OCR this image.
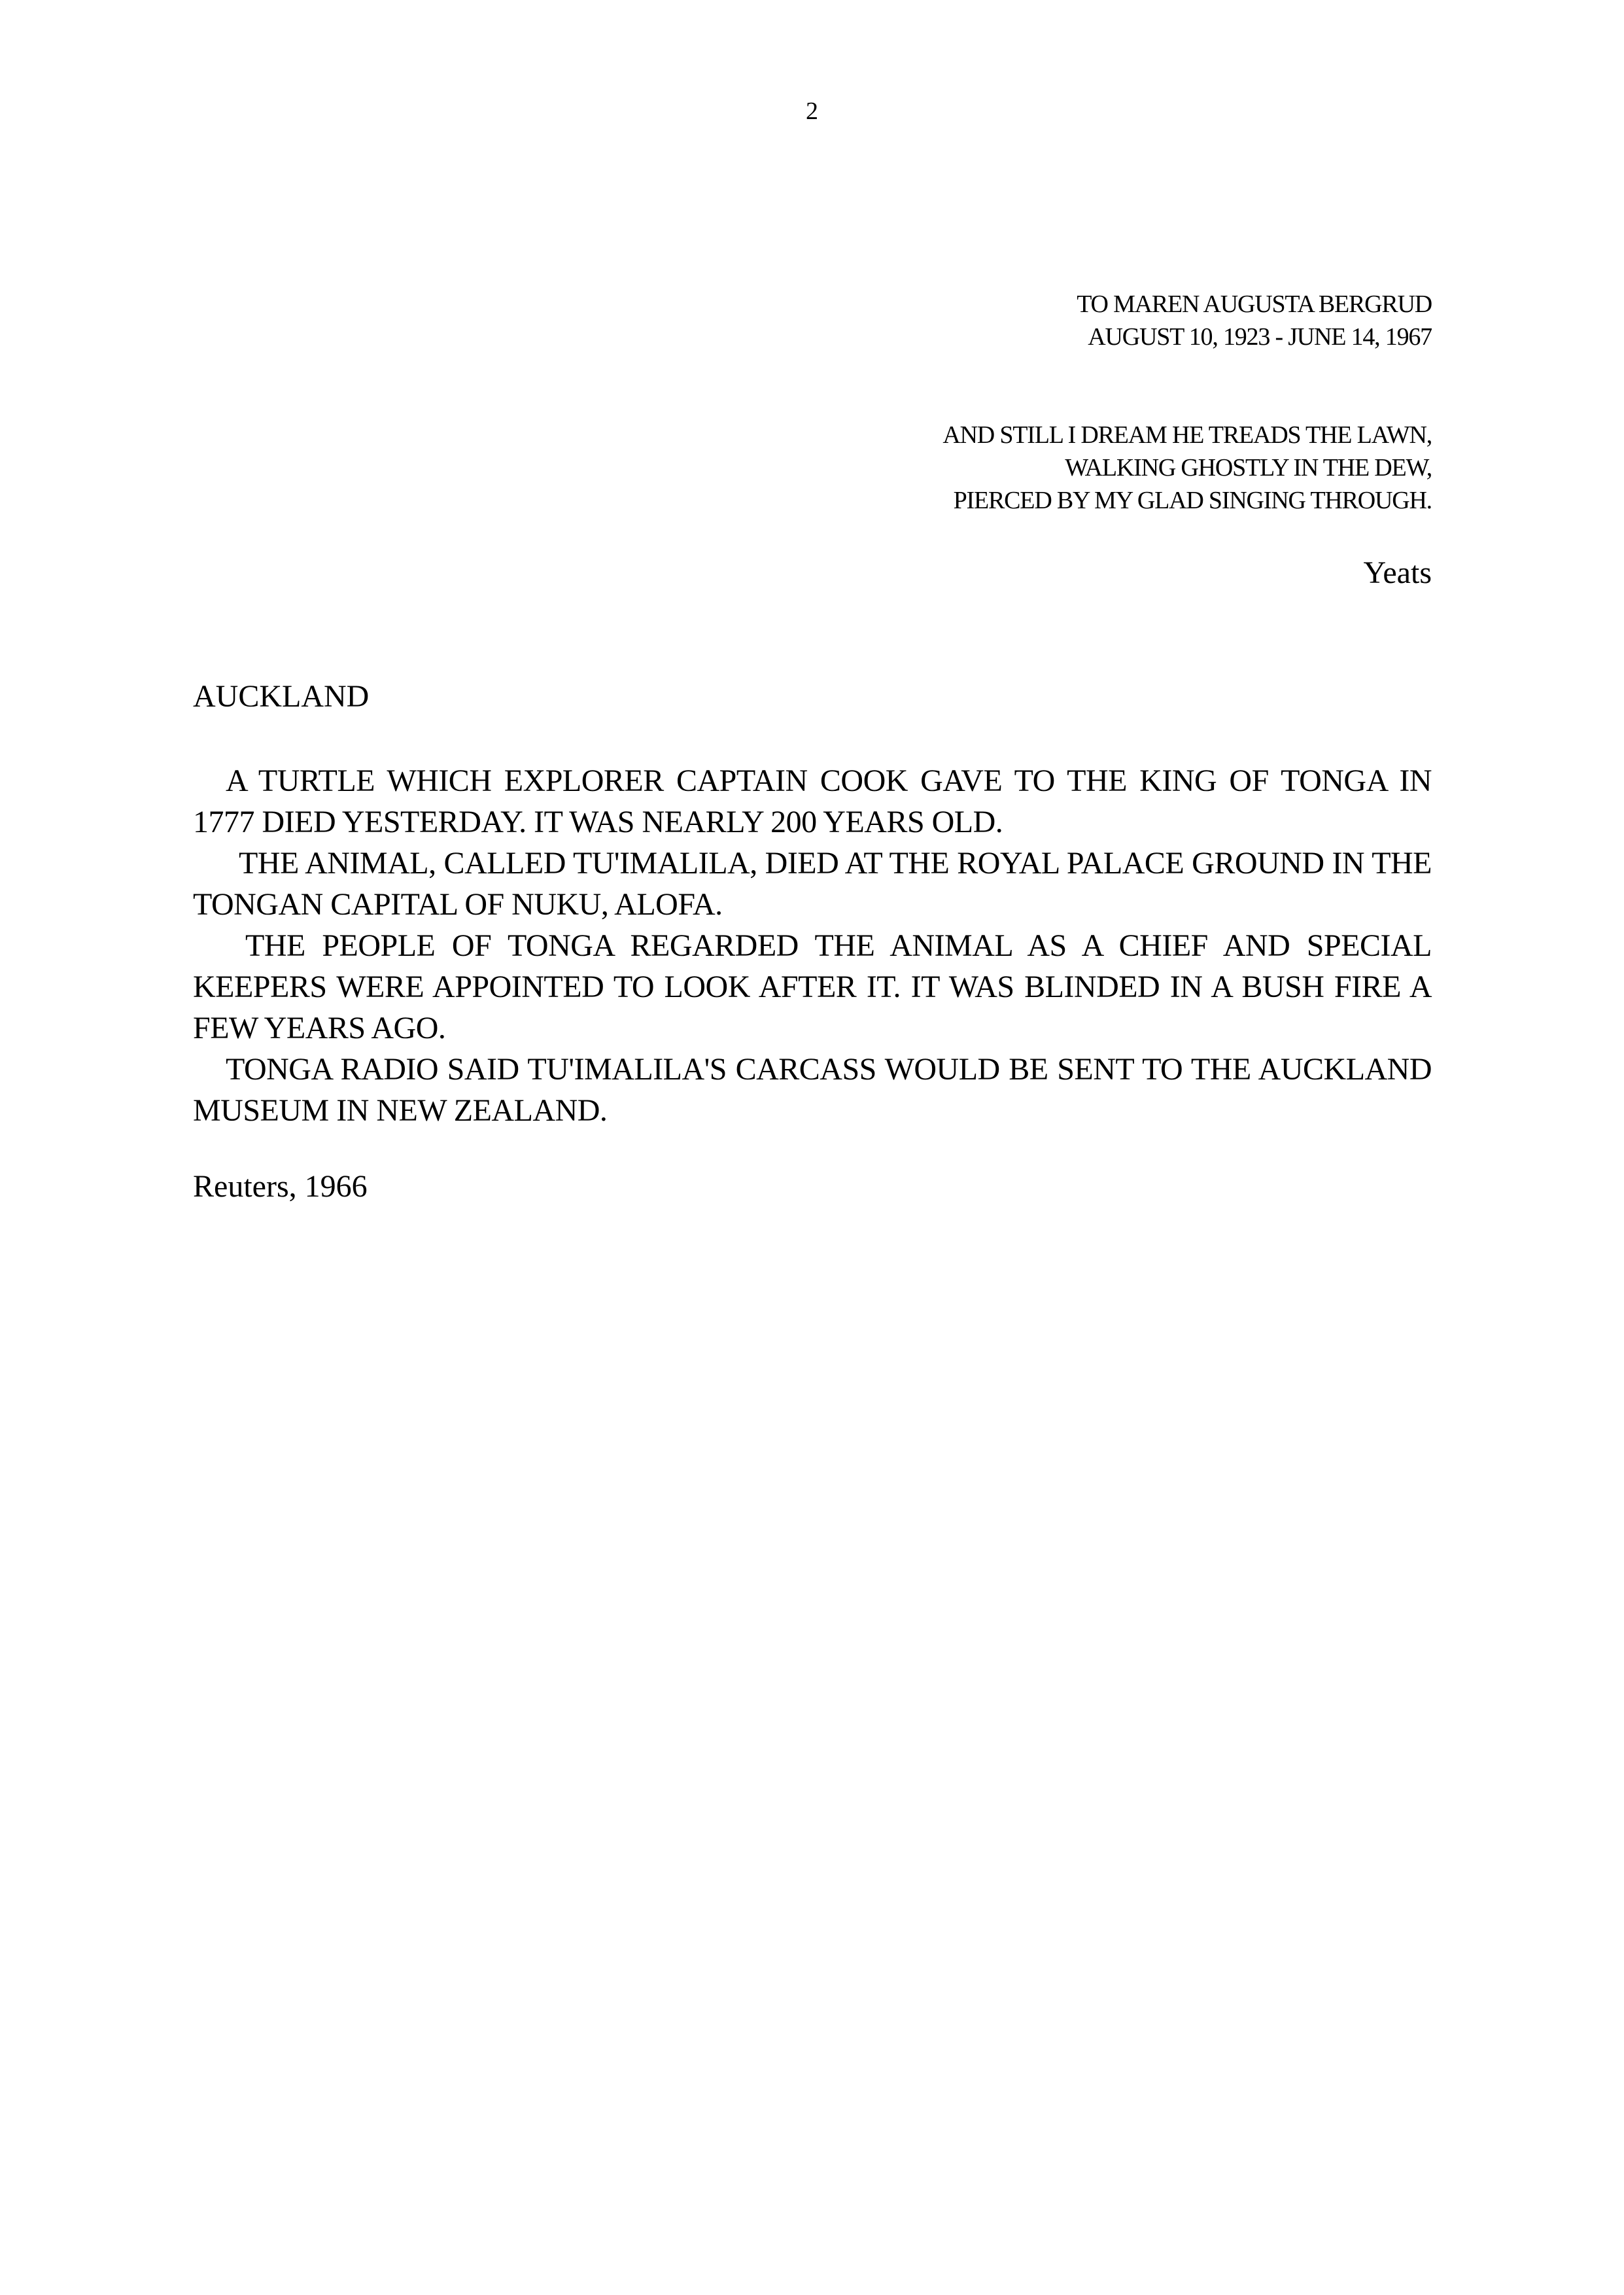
2
TO MAREN AUGUSTA BERGRUD
AUGUST 10, 1923 - JUNE 14, 1967
AND STILL I DREAM HE TREADS THE LAWN,
WALKING GHOSTLY IN THE DEW,
PIERCED BY MY GLAD SINGING THROUGH.
Yeats
AUCKLAND

A TURTLE WHICH EXPLORER CAPTAIN COOK GAVE TO THE KING OF TONGA IN 1777 DIED YESTERDAY. IT WAS NEARLY 200 YEARS OLD.

THE ANIMAL, CALLED TU'IMALILA, DIED AT THE ROYAL PALACE GROUND IN THE TONGAN CAPITAL OF NUKU, ALOFA.

THE PEOPLE OF TONGA REGARDED THE ANIMAL AS A CHIEF AND SPECIAL KEEPERS WERE APPOINTED TO LOOK AFTER IT. IT WAS BLINDED IN A BUSH FIRE A FEW YEARS AGO.

TONGA RADIO SAID TU'IMALILA'S CARCASS WOULD BE SENT TO THE AUCKLAND MUSEUM IN NEW ZEALAND.

Reuters, 1966
